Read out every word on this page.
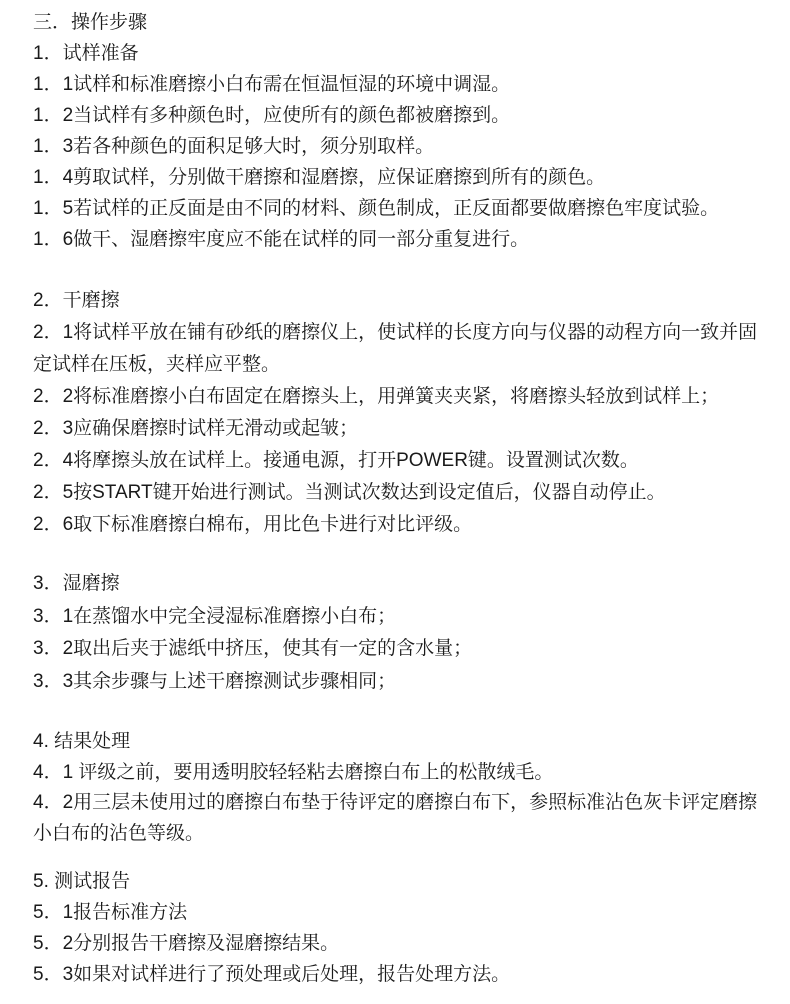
三．操作步骤
1．试样准备
1．1试样和标准磨擦小白布需在恒温恒湿的环境中调湿。
1．2当试样有多种颜色时，应使所有的颜色都被磨擦到。
1．3若各种颜色的面积足够大时，须分别取样。
1．4剪取试样，分别做干磨擦和湿磨擦，应保证磨擦到所有的颜色。
1．5若试样的正反面是由不同的材料、颜色制成，正反面都要做磨擦色牢度试验。
1．6做干、湿磨擦牢度应不能在试样的同一部分重复进行。
2．干磨擦
2．1将试样平放在铺有砂纸的磨擦仪上，使试样的长度方向与仪器的动程方向一致并固
定试样在压板，夹样应平整。
2．2将标准磨擦小白布固定在磨擦头上，用弹簧夹夹紧，将磨擦头轻放到试样上；
2．3应确保磨擦时试样无滑动或起皱；
2．4将摩擦头放在试样上。接通电源，打开POWER键。设置测试次数。
2．5按START键开始进行测试。当测试次数达到设定值后，仪器自动停止。
2．6取下标准磨擦白棉布，用比色卡进行对比评级。
3．湿磨擦
3．1在蒸馏水中完全浸湿标准磨擦小白布；
3．2取出后夹于滤纸中挤压，使其有一定的含水量；
3．3其余步骤与上述干磨擦测试步骤相同；
4. 结果处理
4．1 评级之前，要用透明胶轻轻粘去磨擦白布上的松散绒毛。
4．2用三层未使用过的磨擦白布垫于待评定的磨擦白布下，参照标准沾色灰卡评定磨擦
小白布的沾色等级。
5. 测试报告
5．1报告标准方法
5．2分别报告干磨擦及湿磨擦结果。
5．3如果对试样进行了预处理或后处理，报告处理方法。
